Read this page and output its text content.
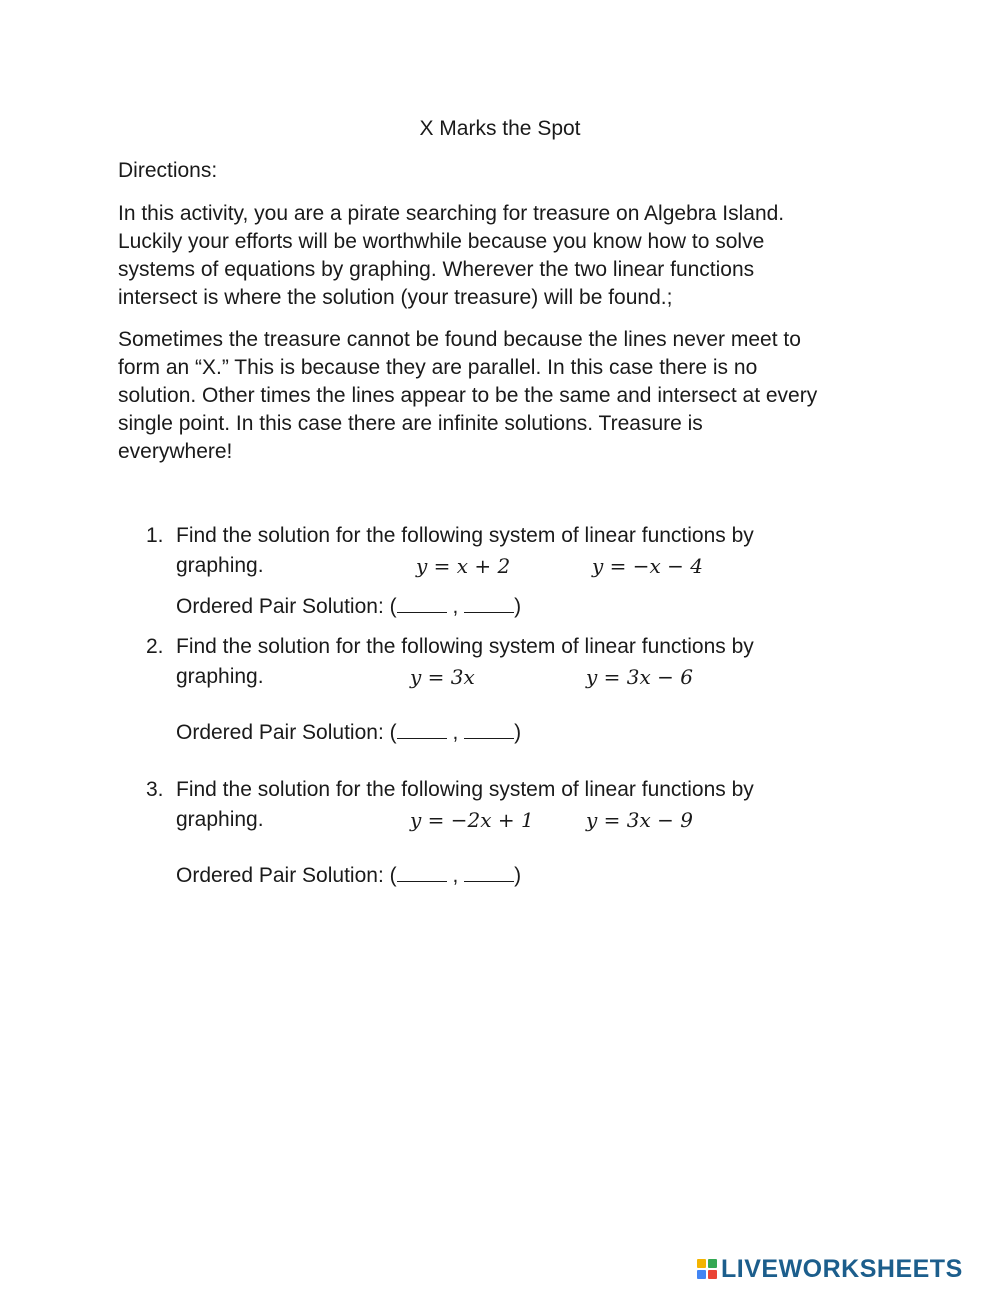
X Marks the Spot
Directions:
In this activity, you are a pirate searching for treasure on Algebra Island.
Luckily your efforts will be worthwhile because you know how to solve
systems of equations by graphing. Wherever the two linear functions
intersect is where the solution (your treasure) will be found.;
Sometimes the treasure cannot be found because the lines never meet to
form an “X.” This is because they are parallel. In this case there is no
solution. Other times the lines appear to be the same and intersect at every
single point. In this case there are infinite solutions. Treasure is
everywhere!
1. Find the solution for the following system of linear functions by
graphing.	y = x + 2	y = −x − 4
Ordered Pair Solution: (	,	)
2. Find the solution for the following system of linear functions by
graphing.	y = 3x	y = 3x − 6
Ordered Pair Solution: (	,	)
3. Find the solution for the following system of linear functions by
graphing.	y = −2x + 1	y = 3x − 9
Ordered Pair Solution: (	,	)
LIVEWORKSHEETS
